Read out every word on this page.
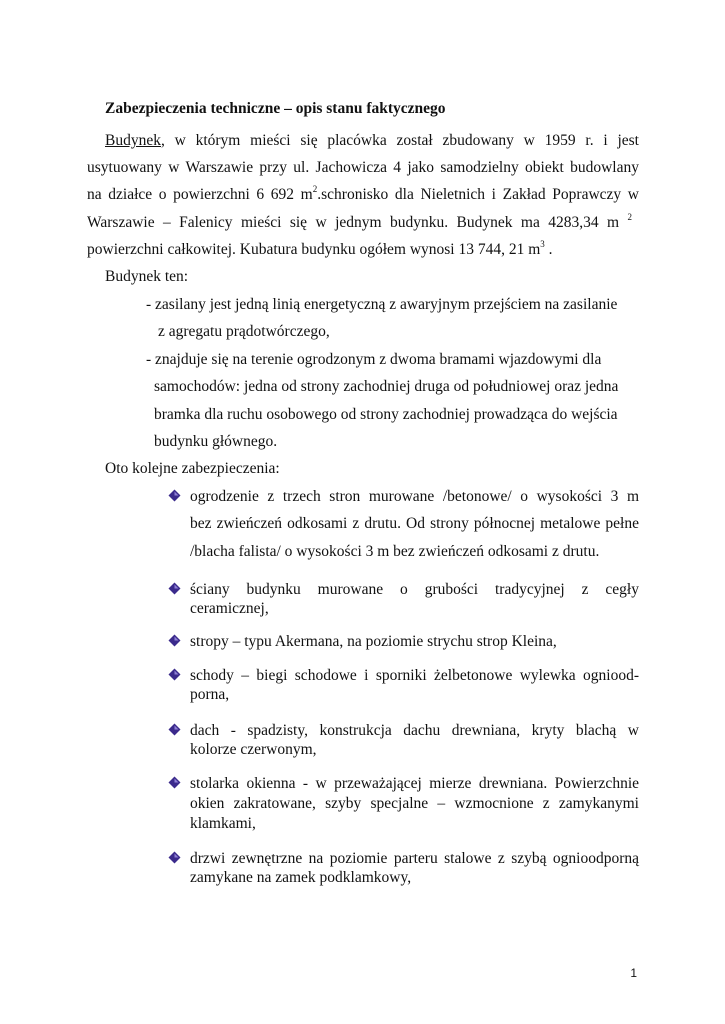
Zabezpieczenia techniczne – opis stanu faktycznego
Budynek, w którym mieści się placówka został zbudowany w 1959 r. i jest
usytuowany w Warszawie przy ul. Jachowicza 4 jako samodzielny obiekt budowlany
na działce o powierzchni 6 692 $m^2.schronisko$ dla Nieletnich i Zakład Poprawczy w
Warszawie – Falenicy mieści się w jednym budynku. Budynek ma 4283,34 m $^2$
powierzchni całkowitej. Kubatura budynku ogółem wynosi 13 744, 21 $m^3$ .
Budynek ten:
- zasilany jest jedną linią energetyczną z awaryjnym przejściem na zasilanie
z agregatu prądotwórczego,
- znajduje się na terenie ogrodzonym z dwoma bramami wjazdowymi dla
samochodów: jedna od strony zachodniej druga od południowej oraz jedna
bramka dla ruchu osobowego od strony zachodniej prowadząca do wejścia
budynku głównego.
Oto kolejne zabezpieczenia:
ogrodzenie z trzech stron murowane /betonowe/ o wysokości 3 m
bez zwieńczeń odkosami z drutu. Od strony północnej metalowe pełne
/blacha falista/ o wysokości 3 m bez zwieńczeń odkosami z drutu.
ściany budynku murowane o grubości tradycyjnej z cegły
ceramicznej,
stropy – typu Akermana, na poziomie strychu strop Kleina,
schody – biegi schodowe i sporniki żelbetonowe wylewka ogniood-
porna,
dach - spadzisty, konstrukcja dachu drewniana, kryty blachą w
kolorze czerwonym,
stolarka okienna - w przeważającej mierze drewniana. Powierzchnie
okien zakratowane, szyby specjalne – wzmocnione z zamykanymi
klamkami,
drzwi zewnętrzne na poziomie parteru stalowe z szybą ognioodporną
zamykane na zamek podklamkowy,
1
